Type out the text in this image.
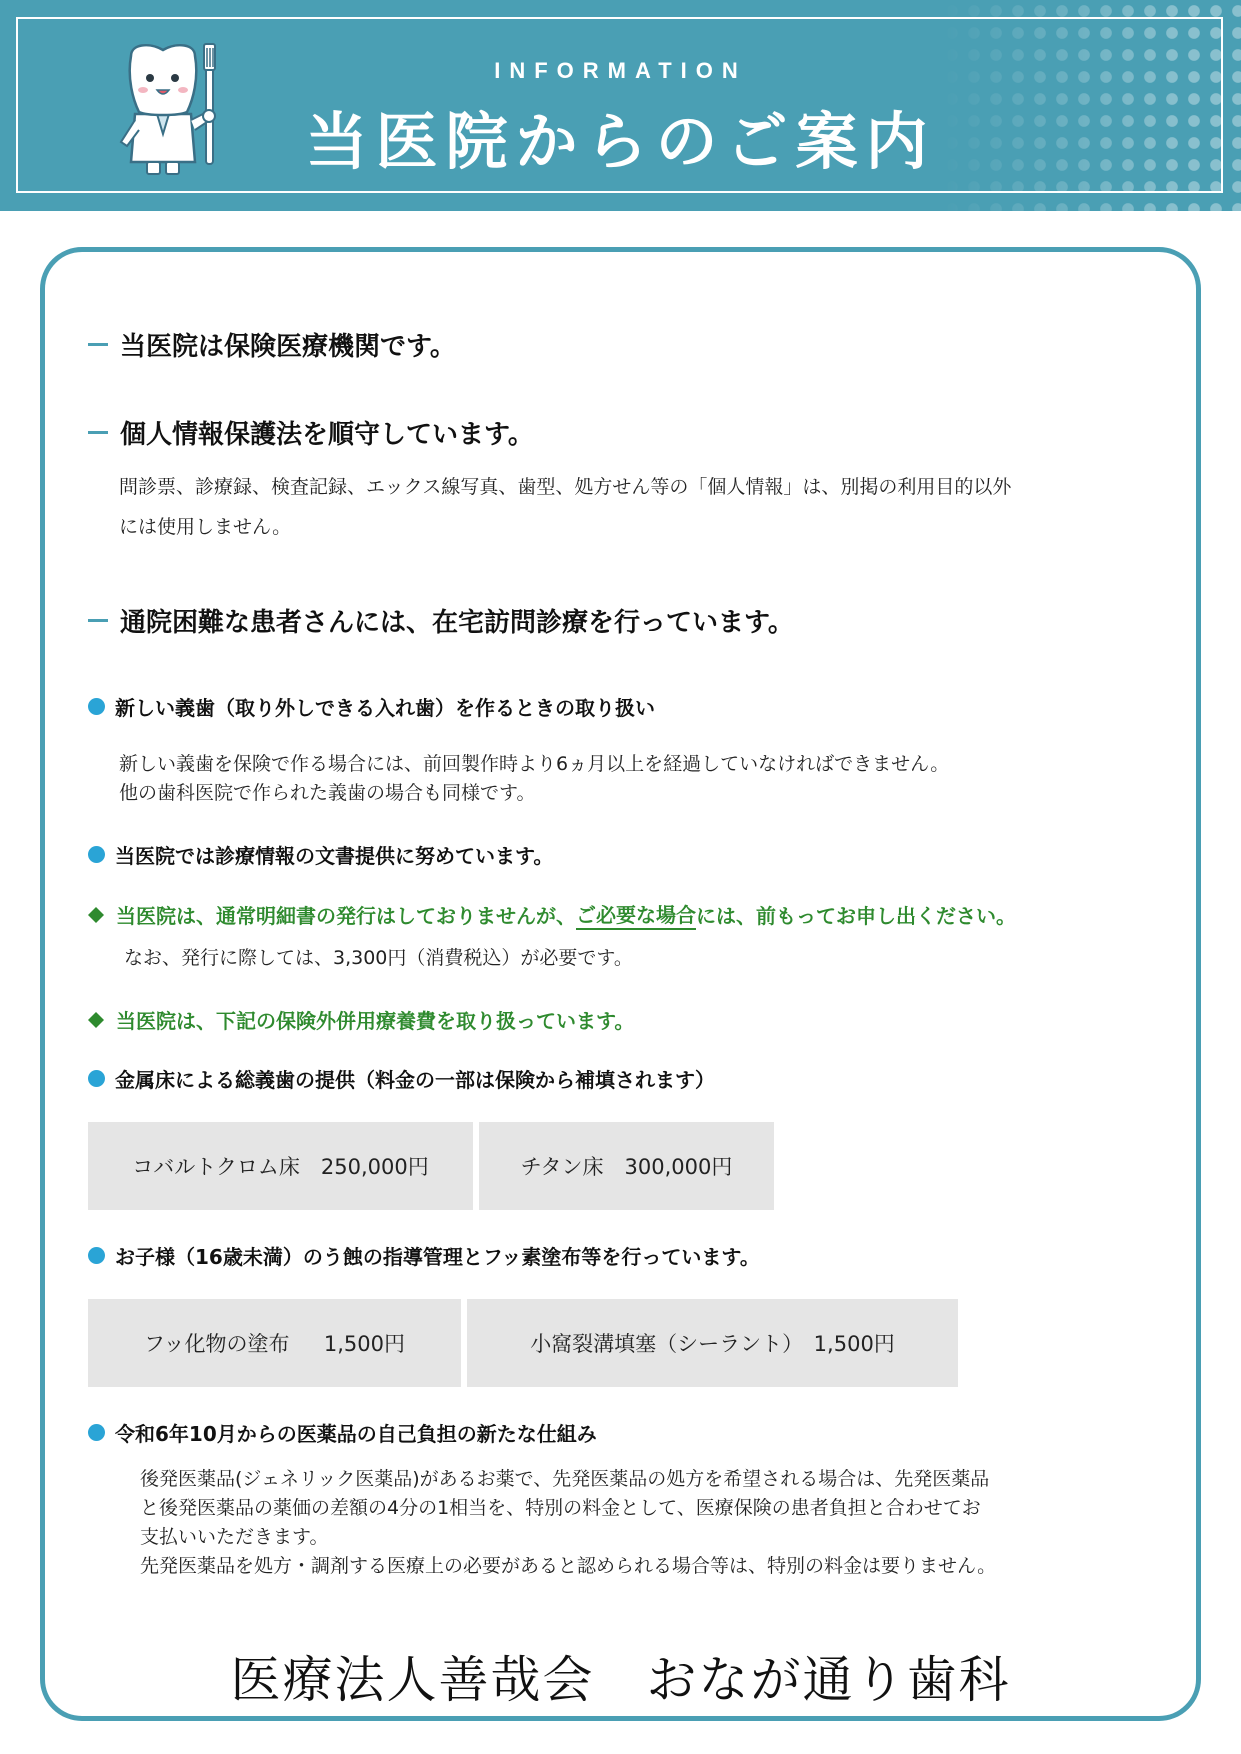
INFORMATION
当医院からのご案内
当医院は保険医療機関です。
個人情報保護法を順守しています。
問診票、診療録、検査記録、エックス線写真、歯型、処方せん等の「個人情報」は、別掲の利用目的以外
には使用しません。
通院困難な患者さんには、在宅訪問診療を行っています。
新しい義歯（取り外しできる入れ歯）を作るときの取り扱い
新しい義歯を保険で作る場合には、前回製作時より6ヵ月以上を経過していなければできません。
他の歯科医院で作られた義歯の場合も同様です。
当医院では診療情報の文書提供に努めています。
当医院は、通常明細書の発行はしておりませんが、 ご必要な場合 には、前もってお申し出ください。
なお、発行に際しては、3,300円（消費税込）が必要です。
当医院は、下記の保険外併用療養費を取り扱っています。
金属床による総義歯の提供（料金の一部は保険から補填されます）
コバルトクロム床　250,000円	チタン床　300,000円
お子様（16歳未満）のう蝕の指導管理とフッ素塗布等を行っています。
フッ化物の塗布　  1,500円	小窩裂溝填塞（シーラント）　1,500円
令和6年10月からの医薬品の自己負担の新たな仕組み
後発医薬品(ジェネリック医薬品)があるお薬で、先発医薬品の処方を希望される場合は、先発医薬品
と後発医薬品の薬価の差額の4分の1相当を、特別の料金として、医療保険の患者負担と合わせてお
支払いいただきます。
先発医薬品を処方・調剤する医療上の必要があると認められる場合等は、特別の料金は要りません。
医療法人善哉会　おなが通り歯科
